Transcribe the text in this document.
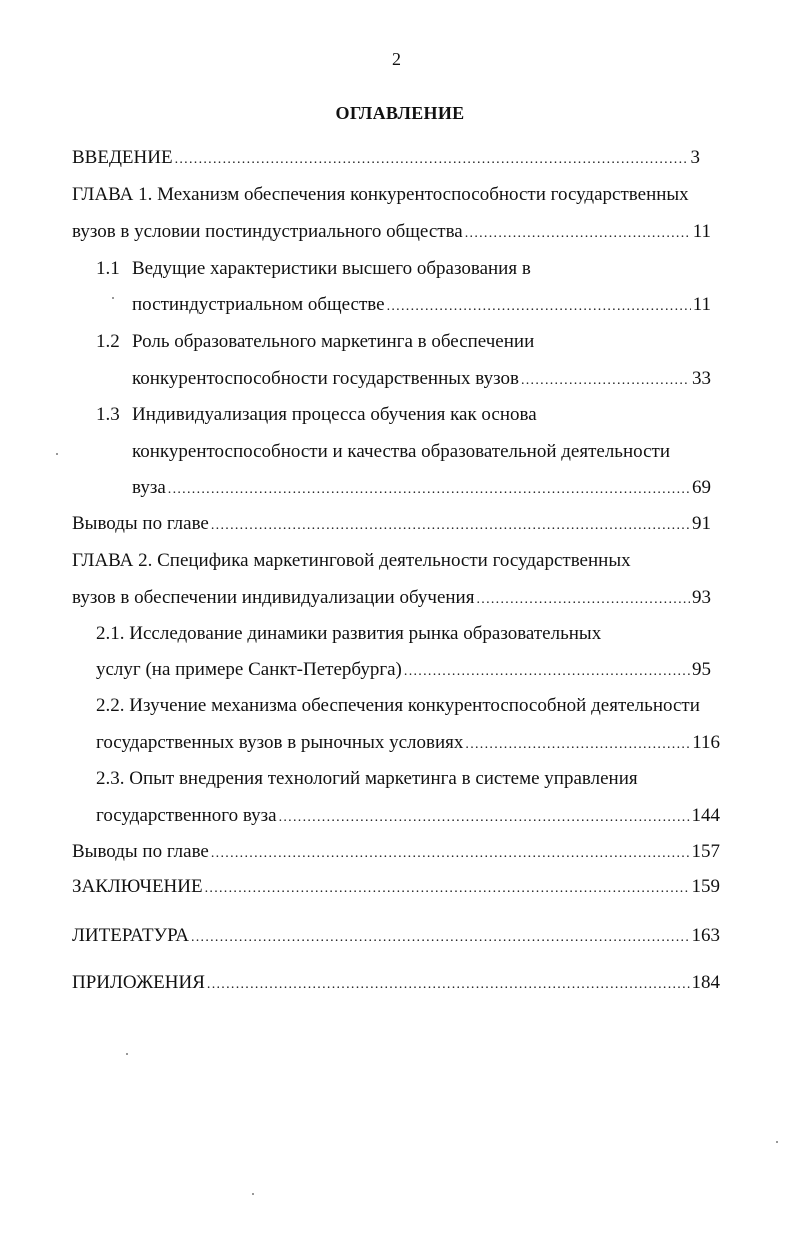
2
ОГЛАВЛЕНИЕ
ВВЕДЕНИЕ .....	3
ГЛАВА 1. Механизм обеспечения конкурентоспособности государственных
вузов в условии постиндустриального общества .....	11
1.1 Ведущие характеристики высшего образования в
постиндустриальном обществе .....	11
1.2 Роль образовательного маркетинга в обеспечении
конкурентоспособности государственных вузов .....	33
1.3 Индивидуализация процесса обучения как основа
конкурентоспособности и качества образовательной деятельности
вуза .....	69
Выводы по главе .....	91
ГЛАВА 2. Специфика маркетинговой деятельности государственных
вузов в обеспечении индивидуализации обучения .....	93
2.1. Исследование динамики развития рынка образовательных
услуг (на примере Санкт-Петербурга) .....	95
2.2. Изучение механизма обеспечения конкурентоспособной деятельности
государственных вузов в рыночных условиях .....	116
2.3. Опыт внедрения технологий маркетинга в системе управления
государственного вуза .....	144
Выводы по главе .....	157
ЗАКЛЮЧЕНИЕ .....	159
ЛИТЕРАТУРА .....	163
ПРИЛОЖЕНИЯ .....	184
